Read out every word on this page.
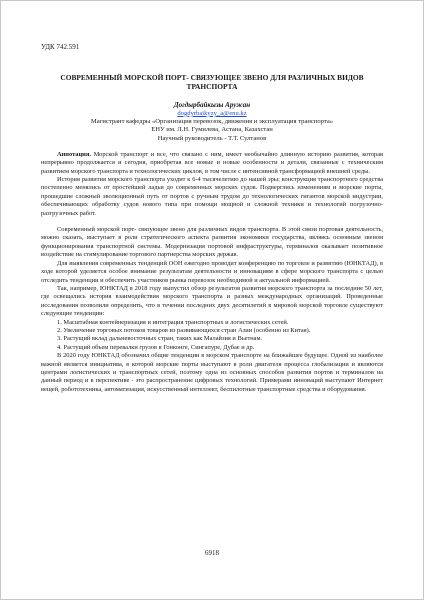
УДК 742.591
СОВРЕМЕННЫЙ МОРСКОЙ ПОРТ- СВЯЗУЮЩЕЕ ЗВЕНО ДЛЯ РАЗЛИЧНЫХ ВИДОВ ТРАНСПОРТА
Догдырбайкызы Аружан
dogdyrbaikyzy_a@enu.kz
Магистрант кафедры «Организация перевозок, движения и эксплуатация транспорта»
ЕНУ им. Л.Н. Гумилева, Астана, Казахстан
Научный руководитель - Т.Т. Султанов

Аннотация. Морской транспорт и все, что связано с ним, имеет необычайно длинную историю развития, которая непрерывно продолжается и сегодня, приобретая все новые и новые особенности и детали, связанные с техническим развитием морского транспорта и технологических циклов, в том числе с интенсивной трансформацией внешней среды.

История развития морского транспорта уходит к 6-4 тысячелетию до нашей эры: конструкция транспортного средства постепенно менялись от простейшей ладьи до современных морских судов. Подверглись изменениям и морские порты, прошедшие сложный эволюционный путь от портов с ручным трудом до технологических гигантов морской индустрии, обеспечивающих обработку судов нового типа при помощи мощной и сложной техники и технологий погрузочно-разгрузочных работ.

Современный морской порт- связующее звено для различных видов транспорта. В этой связи портовая деятельность, можно сказать, выступает в роли стратегического аспекта развития экономики государства, являясь основным звеном функционирования транспортной системы. Модернизация портовой инфраструктуры, терминалов оказывает позитивное воздействие на стимулирование торгового партнерства морских держав.

Для выявления современных тенденций ООН ежегодно проводит конференцию по торговле и развитию (ЮНКТАД), в ходе которой уделяется особое внимание результатам деятельности и инновациям в сфере морского транспорта с целью отследить тенденции и обеспечить участников рынка перевозок необходимой и актуальной информацией.

Так, например, ЮНКТАД в 2018 году выпустил обзор результатов развития морского транспорта за последние 50 лет, где освещались история взаимодействия морского транспорта и разных международных организаций. Проведенные исследования позволили определить, что в течении последних двух десятилетий в мировой морской торговле существуют следующие тенденции:

1. Масштабная контейнеризация и интеграция транспортных и логистических сетей.

2. Увеличение торговых потоков товаров из развивающихся стран Азии (особенно из Китая).

3. Растущий вклад дальневосточных стран, таких как Малайзия и Вьетнам.

4. Растущий объем перевалки грузов в Гонконге, Сингапуре, Дубае и др.

В 2020 году ЮНКТАД обозначил общие тенденции в морском транспорте на ближайшее будущее. Одной из наиболее важной является инициатива, в которой морские порты выступают в роли двигателя процесса глобализации и являются центрами логистических и транспортных сетей, поэтому одна из основных способов развития портов и терминалов на данный период и в перспективе - это распространение цифровых технологий. Примерами инноваций выступают Интернет вещей, робототехника, автоматизация, искусственный интеллект, беспилотные транспортные средства и оборудования.

6918
